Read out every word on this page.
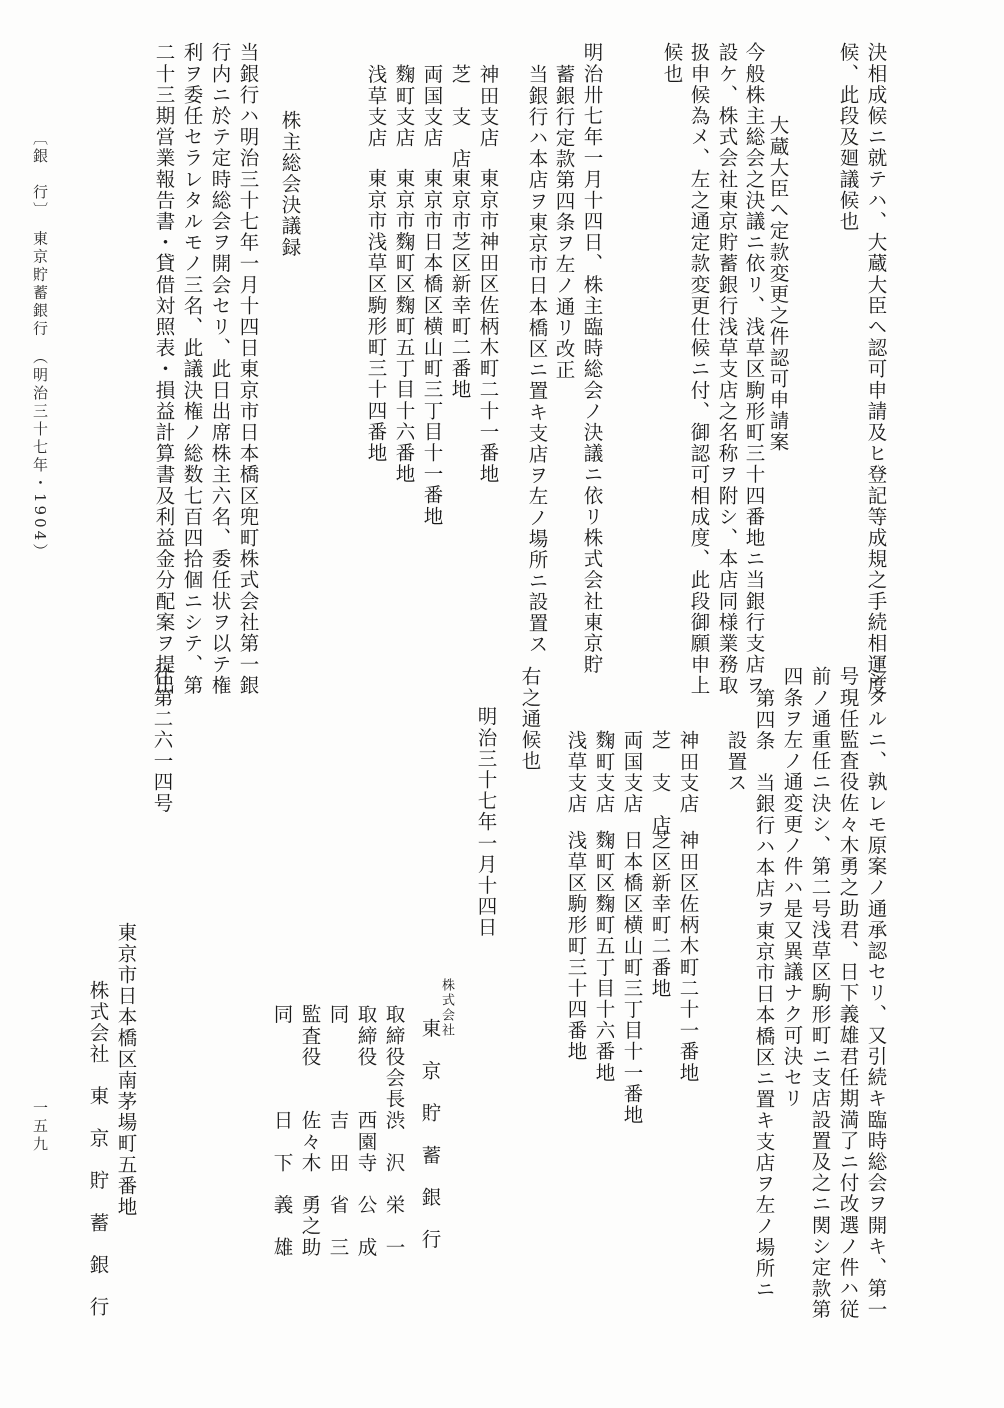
決相成候ニ就テハ、大蔵大臣ヘ認可申請及ヒ登記等成規之手続相運度
候、此段及廻議候也
大蔵大臣ヘ定款変更之件認可申請案
今般株主総会之決議ニ依リ、浅草区駒形町三十四番地ニ当銀行支店ヲ
設ケ、株式会社東京貯蓄銀行浅草支店之名称ヲ附シ、本店同様業務取
扱申候為メ、左之通定款変更仕候ニ付、御認可相成度、此段御願申上
候也
明治卅七年一月十四日、株主臨時総会ノ決議ニ依リ株式会社東京貯
蓄銀行定款第四条ヲ左ノ通リ改正
当銀行ハ本店ヲ東京市日本橋区ニ置キ支店ヲ左ノ場所ニ設置ス
神田支店
東京市神田区佐柄木町二十一番地
芝　支　店
東京市芝区新幸町二番地
両国支店
東京市日本橋区横山町三丁目十一番地
麴町支店
東京市麴町区麴町五丁目十六番地
浅草支店
東京市浅草区駒形町三十四番地
株主総会決議録
当銀行ハ明治三十七年一月十四日東京市日本橋区兜町株式会社第一銀
行内ニ於テ定時総会ヲ開会セリ、此日出席株主六名、委任状ヲ以テ権
利ヲ委任セラレタルモノ三名、此議決権ノ総数七百四拾個ニシテ、第
二十三期営業報告書・貸借対照表・損益計算書及利益金分配案ヲ提出
〔銀　行〕　東京貯蓄銀行　（明治三十七年・1904）
シタルニ、孰レモ原案ノ通承認セリ、又引続キ臨時総会ヲ開キ、第一
号現任監査役佐々木勇之助君、日下義雄君任期満了ニ付改選ノ件ハ従
前ノ通重任ニ決シ、第二号浅草区駒形町ニ支店設置及之ニ関シ定款第
四条ヲ左ノ通変更ノ件ハ是又異議ナク可決セリ
第四条　当銀行ハ本店ヲ東京市日本橋区ニ置キ支店ヲ左ノ場所ニ
設置ス
神田支店
神田区佐柄木町二十一番地
芝　支　店
芝区新幸町二番地
両国支店
日本橋区横山町三丁目十一番地
麴町支店
麴町区麴町五丁目十六番地
浅草支店
浅草区駒形町三十四番地
右之通候也
明治三十七年一月十四日
株式会社
東　京　貯　蓄　銀　行
取締役会長
渋　沢　栄　一
取締役
西園寺　公　成
同
吉　田　省　三
監査役
佐々木　勇之助
同
日　下　義　雄
往第二六一四号
東京市日本橋区南茅場町五番地
株式会社　東　京　貯　蓄　銀　行
一五九
